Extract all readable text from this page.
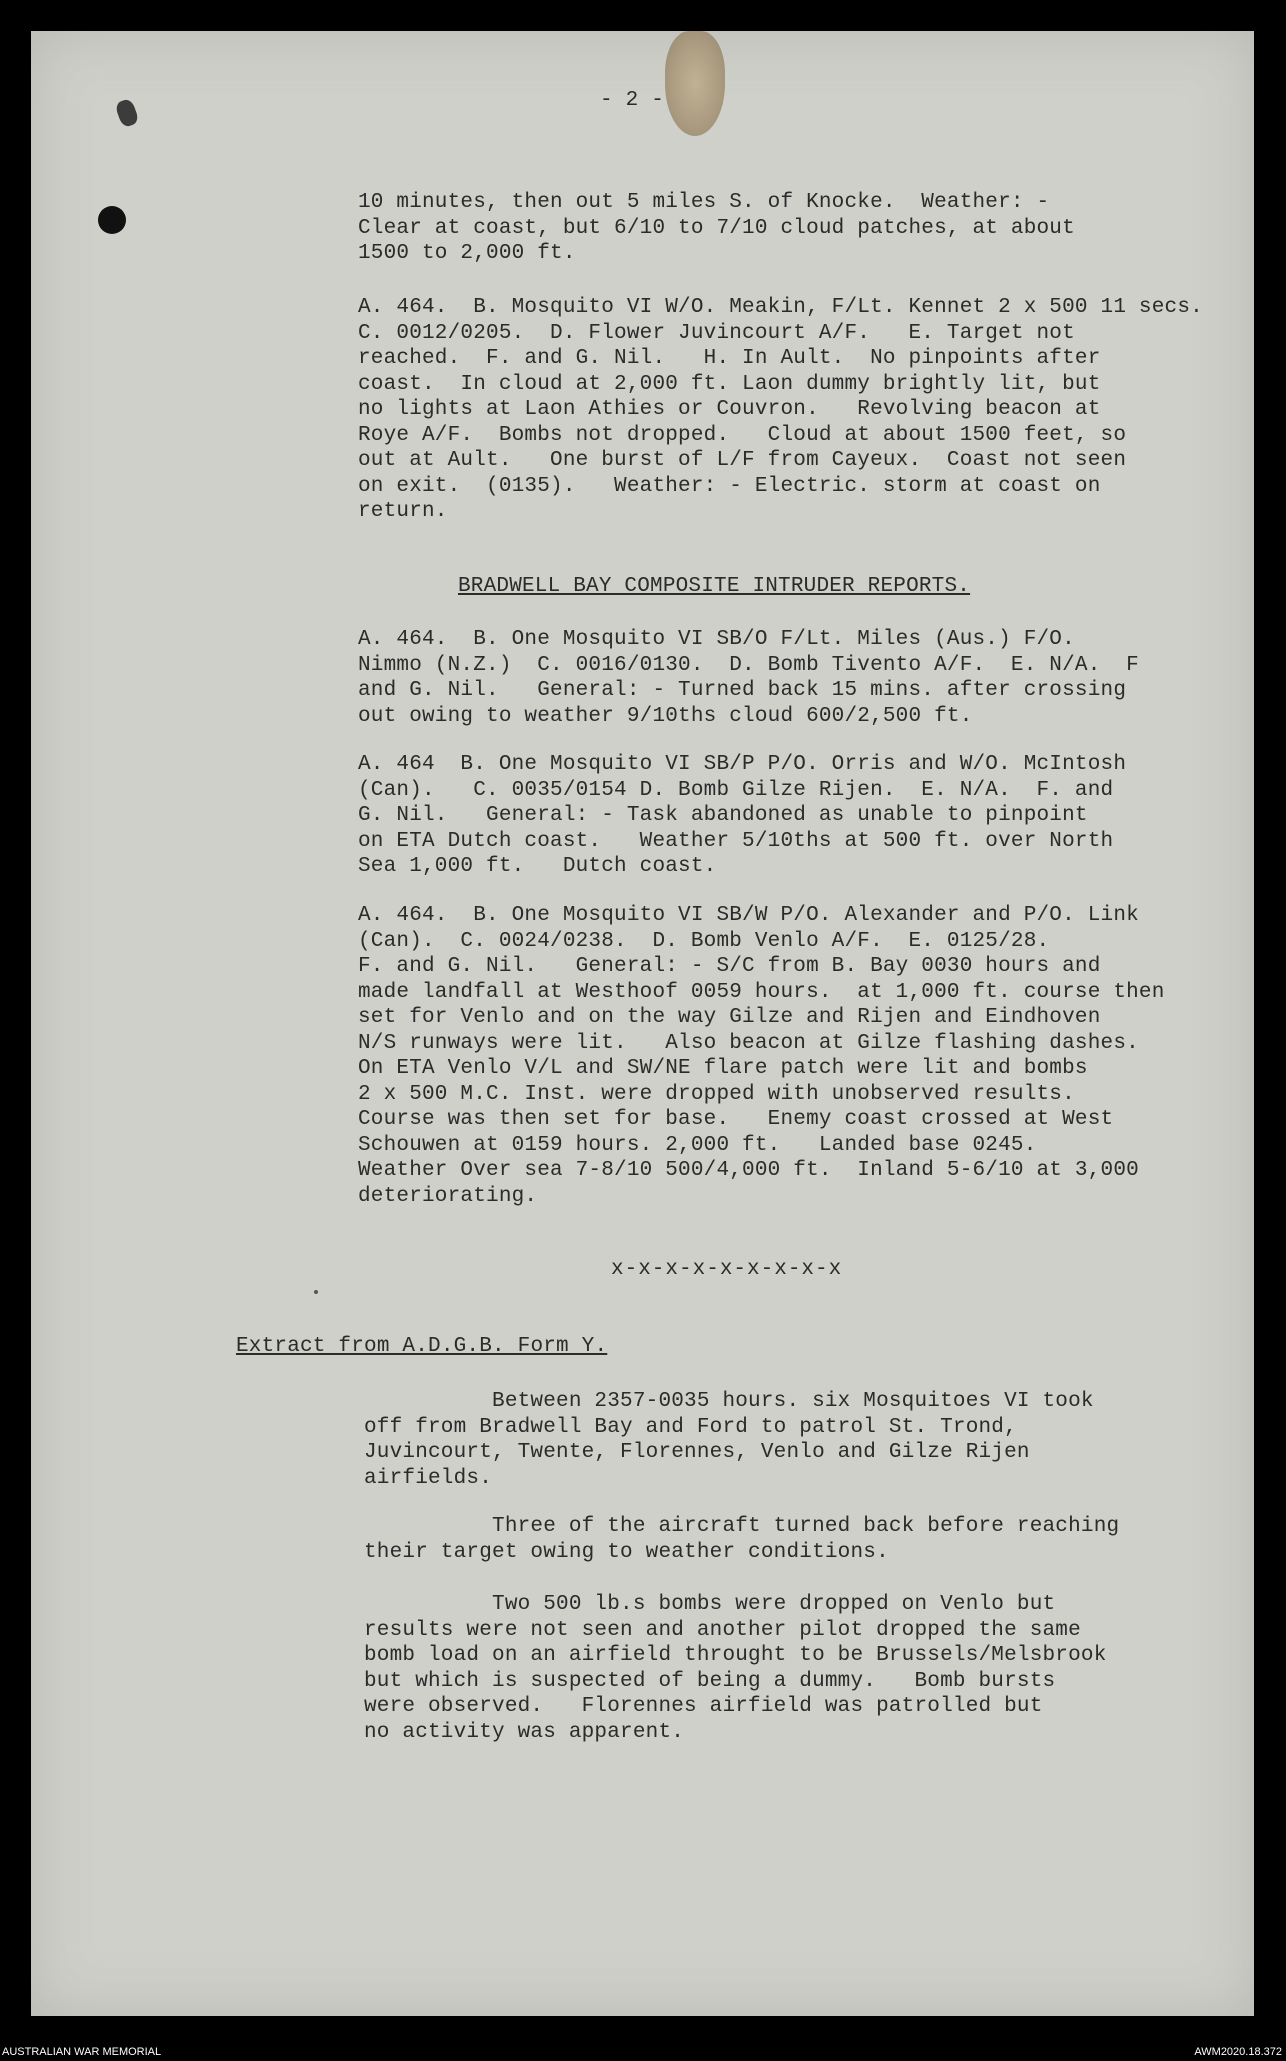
- 2 -
10 minutes, then out 5 miles S. of Knocke.  Weather: -
Clear at coast, but 6/10 to 7/10 cloud patches, at about
1500 to 2,000 ft.
A. 464.  B. Mosquito VI W/O. Meakin, F/Lt. Kennet 2 x 500 11 secs.
C. 0012/0205.  D. Flower Juvincourt A/F.   E. Target not
reached.  F. and G. Nil.   H. In Ault.  No pinpoints after
coast.  In cloud at 2,000 ft. Laon dummy brightly lit, but
no lights at Laon Athies or Couvron.   Revolving beacon at
Roye A/F.  Bombs not dropped.   Cloud at about 1500 feet, so
out at Ault.   One burst of L/F from Cayeux.  Coast not seen
on exit.  (0135).   Weather: - Electric. storm at coast on
return.
BRADWELL BAY COMPOSITE INTRUDER REPORTS.
A. 464.  B. One Mosquito VI SB/O F/Lt. Miles (Aus.) F/O.
Nimmo (N.Z.)  C. 0016/0130.  D. Bomb Tivento A/F.  E. N/A.  F
and G. Nil.   General: - Turned back 15 mins. after crossing
out owing to weather 9/10ths cloud 600/2,500 ft.
A. 464  B. One Mosquito VI SB/P P/O. Orris and W/O. McIntosh
(Can).   C. 0035/0154 D. Bomb Gilze Rijen.  E. N/A.  F. and
G. Nil.   General: - Task abandoned as unable to pinpoint
on ETA Dutch coast.   Weather 5/10ths at 500 ft. over North
Sea 1,000 ft.   Dutch coast.
A. 464.  B. One Mosquito VI SB/W P/O. Alexander and P/O. Link
(Can).  C. 0024/0238.  D. Bomb Venlo A/F.  E. 0125/28.
F. and G. Nil.   General: - S/C from B. Bay 0030 hours and
made landfall at Westhoof 0059 hours.  at 1,000 ft. course then
set for Venlo and on the way Gilze and Rijen and Eindhoven
N/S runways were lit.   Also beacon at Gilze flashing dashes.
On ETA Venlo V/L and SW/NE flare patch were lit and bombs
2 x 500 M.C. Inst. were dropped with unobserved results.
Course was then set for base.   Enemy coast crossed at West
Schouwen at 0159 hours. 2,000 ft.   Landed base 0245.
Weather Over sea 7-8/10 500/4,000 ft.  Inland 5-6/10 at 3,000
deteriorating.
x-x-x-x-x-x-x-x-x
Extract from A.D.G.B. Form Y.
Between 2357-0035 hours. six Mosquitoes VI took
off from Bradwell Bay and Ford to patrol St. Trond,
Juvincourt, Twente, Florennes, Venlo and Gilze Rijen
airfields.
Three of the aircraft turned back before reaching
their target owing to weather conditions.
Two 500 lb.s bombs were dropped on Venlo but
results were not seen and another pilot dropped the same
bomb load on an airfield throught to be Brussels/Melsbrook
but which is suspected of being a dummy.   Bomb bursts
were observed.   Florennes airfield was patrolled but
no activity was apparent.
AUSTRALIAN WAR MEMORIAL	AWM2020.18.372
